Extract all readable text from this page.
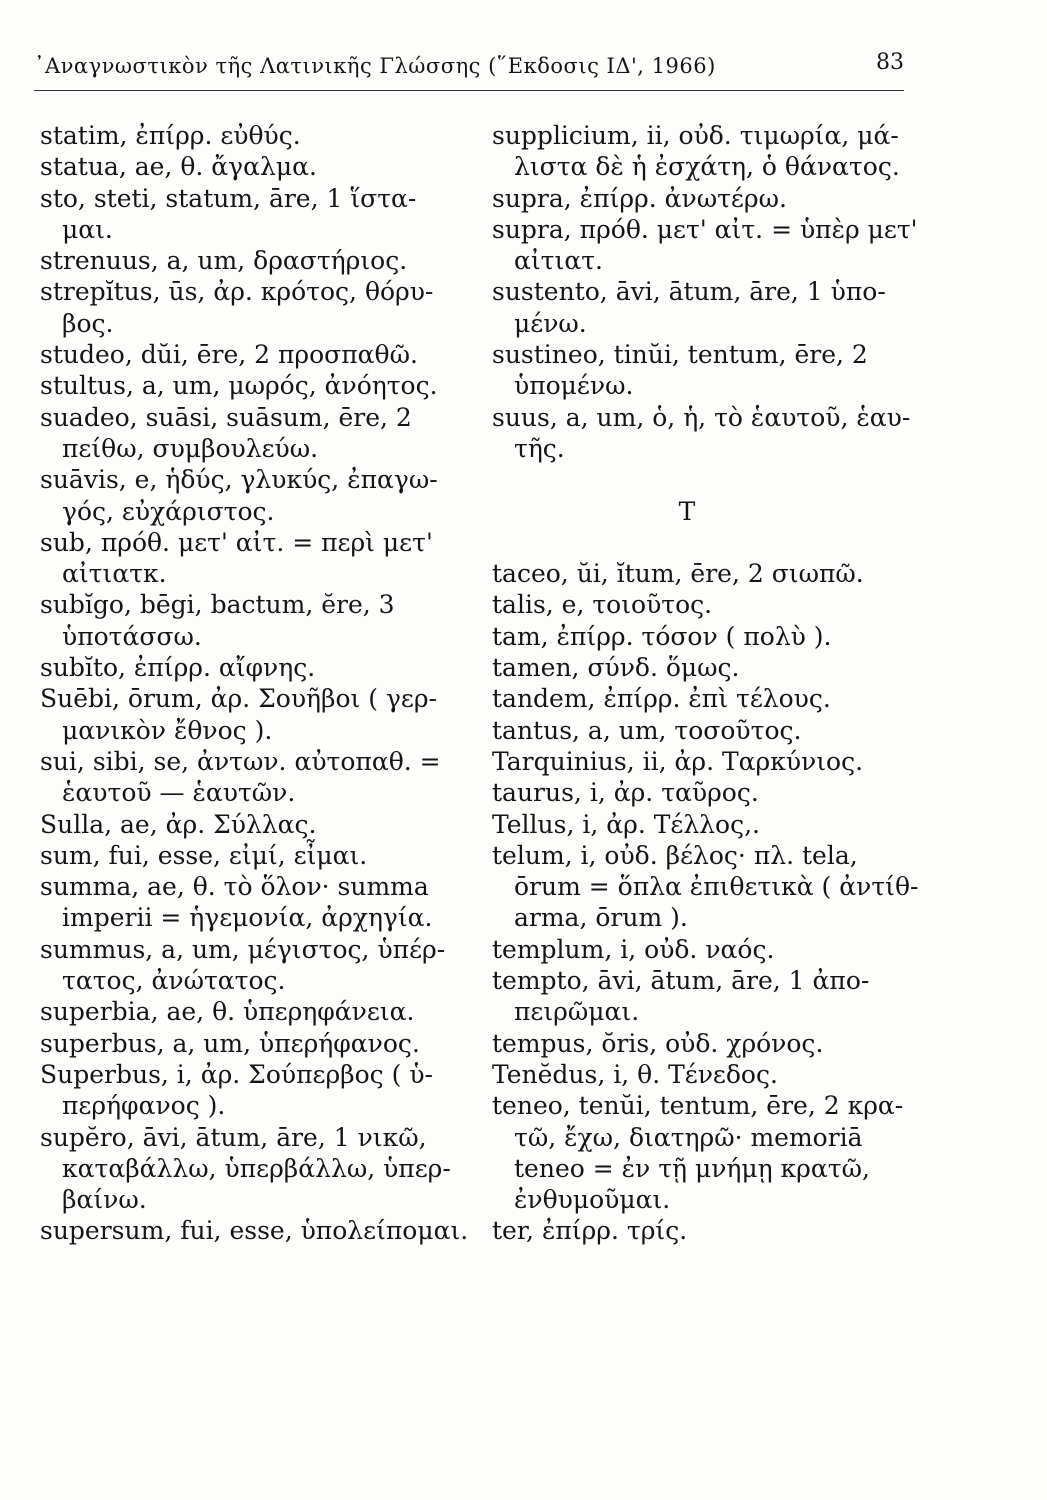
᾿Αναγνωστικὸν τῆς Λατινικῆς Γλώσσης (῞Εκδοσις ΙΔ', 1966)	83
statim, ἐπίρρ. εὐθύς.
statua, ae, θ. ἄγαλμα.
sto, steti, statum, āre, 1 ἵστα-
μαι.
strenuus, a, um, δραστήριος.
strepĭtus, ūs, ἀρ. κρότος, θόρυ-
βος.
studeo, dŭi, ēre, 2 προσπαθῶ.
stultus, a, um, μωρός, ἀνόητος.
suadeo, suāsi, suāsum, ēre, 2
πείθω, συμβουλεύω.
suāvis, e, ἡδύς, γλυκύς, ἐπαγω-
γός, εὐχάριστος.
sub, πρόθ. μετ' αἰτ. = περὶ μετ'
αἰτιατκ.
subĭgo, bēgi, bactum, ĕre, 3
ὑποτάσσω.
subĭto, ἐπίρρ. αἴφνης.
Suēbi, ōrum, ἀρ. Σουῆβοι ( γερ-
μανικὸν ἔθνος ).
sui, sibi, se, ἀντων. αὐτοπαθ. =
ἑαυτοῦ — ἑαυτῶν.
Sulla, ae, ἀρ. Σύλλας.
sum, fui, esse, εἰμί, εἶμαι.
summa, ae, θ. τὸ ὅλον· summa
imperii = ἡγεμονία, ἀρχηγία.
summus, a, um, μέγιστος, ὑπέρ-
τατος, ἀνώτατος.
superbia, ae, θ. ὑπερηφάνεια.
superbus, a, um, ὑπερήφανος.
Superbus, i, ἀρ. Σούπερβος ( ὑ-
περήφανος ).
supĕro, āvi, ātum, āre, 1 νικῶ,
καταβάλλω, ὑπερβάλλω, ὑπερ-
βαίνω.
supersum, fui, esse, ὑπολείπομαι.
supplicium, ii, οὐδ. τιμωρία, μά-
λιστα δὲ ἡ ἐσχάτη, ὁ θάνατος.
supra, ἐπίρρ. ἀνωτέρω.
supra, πρόθ. μετ' αἰτ. = ὑπὲρ μετ'
αἰτιατ.
sustento, āvi, ātum, āre, 1 ὑπο-
μένω.
sustineo, tinŭi, tentum, ēre, 2
ὑπομένω.
suus, a, um, ὁ, ἡ, τὸ ἑαυτοῦ, ἑαυ-
τῆς.
T
taceo, ŭi, ĭtum, ēre, 2 σιωπῶ.
talis, e, τοιοῦτος.
tam, ἐπίρρ. τόσον ( πολὺ ).
tamen, σύνδ. ὅμως.
tandem, ἐπίρρ. ἐπὶ τέλους.
tantus, a, um, τοσοῦτος.
Tarquinius, ii, ἀρ. Ταρκύνιος.
taurus, i, ἀρ. ταῦρος.
Tellus, i, ἀρ. Τέλλος,.
telum, i, οὐδ. βέλος· πλ. tela,
ōrum = ὅπλα ἐπιθετικὰ ( ἀντίθ-
arma, ōrum ).
templum, i, οὐδ. ναός.
tempto, āvi, ātum, āre, 1 ἀπο-
πειρῶμαι.
tempus, ŏris, οὐδ. χρόνος.
Tenĕdus, i, θ. Τένεδος.
teneo, tenŭi, tentum, ēre, 2 κρα-
τῶ, ἔχω, διατηρῶ· memoriā
teneo = ἐν τῇ μνήμῃ κρατῶ,
ἐνθυμοῦμαι.
ter, ἐπίρρ. τρίς.
